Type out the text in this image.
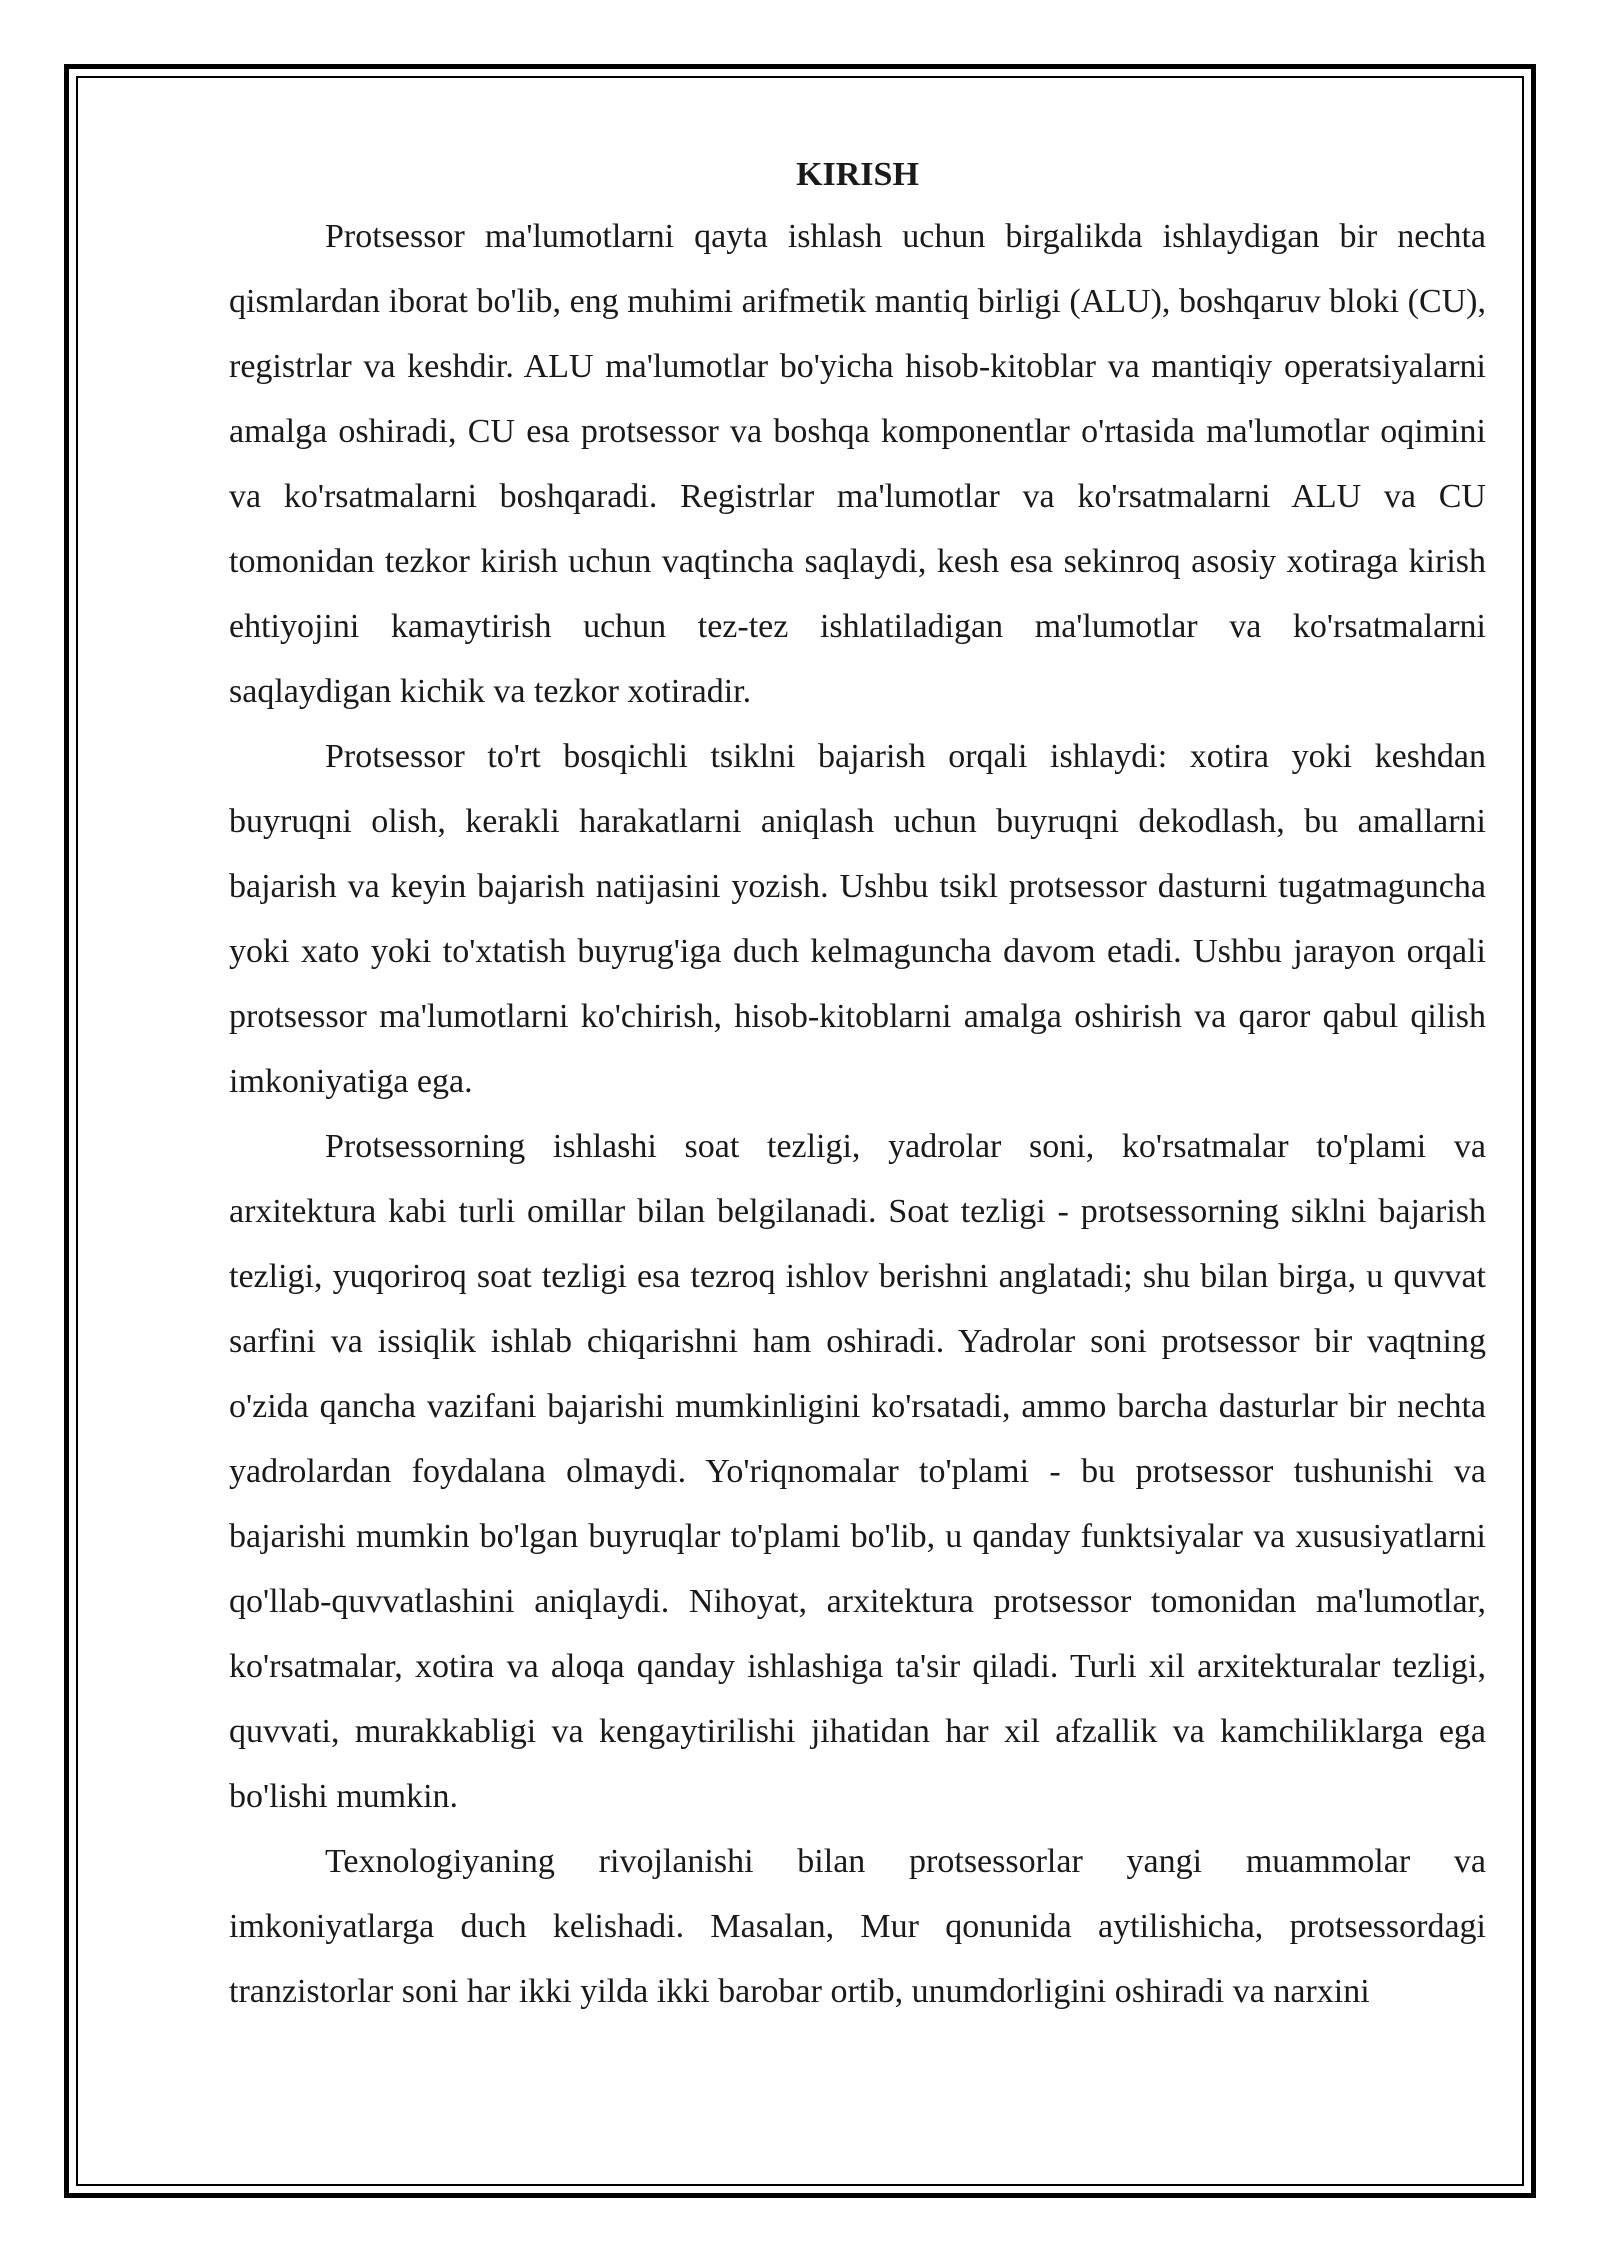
KIRISH

Protsessor ma'lumotlarni qayta ishlash uchun birgalikda ishlaydigan bir nechta qismlardan iborat bo'lib, eng muhimi arifmetik mantiq birligi (ALU), boshqaruv bloki (CU), registrlar va keshdir. ALU ma'lumotlar bo'yicha hisob-kitoblar va mantiqiy operatsiyalarni amalga oshiradi, CU esa protsessor va boshqa komponentlar o'rtasida ma'lumotlar oqimini va ko'rsatmalarni boshqaradi. Registrlar ma'lumotlar va ko'rsatmalarni ALU va CU tomonidan tezkor kirish uchun vaqtincha saqlaydi, kesh esa sekinroq asosiy xotiraga kirish ehtiyojini kamaytirish uchun tez-tez ishlatiladigan ma'lumotlar va ko'rsatmalarni saqlaydigan kichik va tezkor xotiradir.

Protsessor to'rt bosqichli tsiklni bajarish orqali ishlaydi: xotira yoki keshdan buyruqni olish, kerakli harakatlarni aniqlash uchun buyruqni dekodlash, bu amallarni bajarish va keyin bajarish natijasini yozish. Ushbu tsikl protsessor dasturni tugatmaguncha yoki xato yoki to'xtatish buyrug'iga duch kelmaguncha davom etadi. Ushbu jarayon orqali protsessor ma'lumotlarni ko'chirish, hisob-kitoblarni amalga oshirish va qaror qabul qilish imkoniyatiga ega.

Protsessorning ishlashi soat tezligi, yadrolar soni, ko'rsatmalar to'plami va arxitektura kabi turli omillar bilan belgilanadi. Soat tezligi - protsessorning siklni bajarish tezligi, yuqoriroq soat tezligi esa tezroq ishlov berishni anglatadi; shu bilan birga, u quvvat sarfini va issiqlik ishlab chiqarishni ham oshiradi. Yadrolar soni protsessor bir vaqtning o'zida qancha vazifani bajarishi mumkinligini ko'rsatadi, ammo barcha dasturlar bir nechta yadrolardan foydalana olmaydi. Yo'riqnomalar to'plami - bu protsessor tushunishi va bajarishi mumkin bo'lgan buyruqlar to'plami bo'lib, u qanday funktsiyalar va xususiyatlarni qo'llab-quvvatlashini aniqlaydi. Nihoyat, arxitektura protsessor tomonidan ma'lumotlar, ko'rsatmalar, xotira va aloqa qanday ishlashiga ta'sir qiladi. Turli xil arxitekturalar tezligi, quvvati, murakkabligi va kengaytirilishi jihatidan har xil afzallik va kamchiliklarga ega bo'lishi mumkin.

Texnologiyaning rivojlanishi bilan protsessorlar yangi muammolar va imkoniyatlarga duch kelishadi. Masalan, Mur qonunida aytilishicha, protsessordagi tranzistorlar soni har ikki yilda ikki barobar ortib, unumdorligini oshiradi va narxini
